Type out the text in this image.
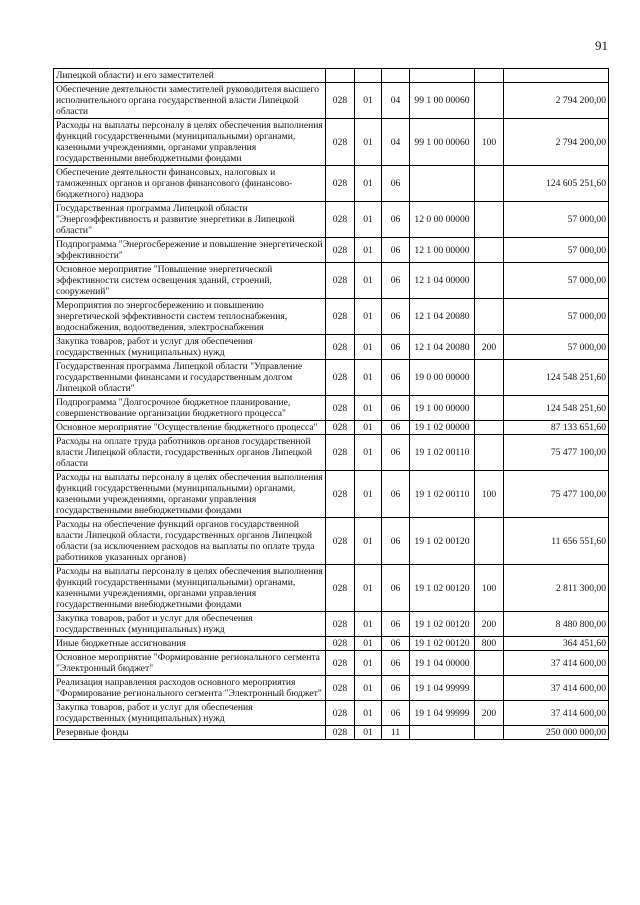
91
Липецкой области) и его заместителей						
Обеспечение деятельности заместителей руководителя высшего исполнительного органа государственной власти Липецкой области	028	01	04	99 1 00 00060		2 794 200,00
Расходы на выплаты персоналу в целях обеспечения выполнения функций государственными (муниципальными) органами, казенными учреждениями, органами управления государственными внебюджетными фондами	028	01	04	99 1 00 00060	100	2 794 200,00
Обеспечение деятельности финансовых, налоговых и таможенных органов и органов финансового (финансово-бюджетного) надзора	028	01	06			124 605 251,60
Государственная программа Липецкой области "Энергоэффективность и развитие энергетики в Липецкой области"	028	01	06	12 0 00 00000		57 000,00
Подпрограмма "Энергосбережение и повышение энергетической эффективности"	028	01	06	12 1 00 00000		57 000,00
Основное мероприятие "Повышение энергетической эффективности систем освещения зданий, строений, сооружений"	028	01	06	12 1 04 00000		57 000,00
Мероприятия по энергосбережению и повышению энергетической эффективности систем теплоснабжения, водоснабжения, водоотведения, электроснабжения	028	01	06	12 1 04 20080		57 000,00
Закупка товаров, работ и услуг для обеспечения государственных (муниципальных) нужд	028	01	06	12 1 04 20080	200	57 000,00
Государственная программа Липецкой области "Управление государственными финансами и государственным долгом Липецкой области"	028	01	06	19 0 00 00000		124 548 251,60
Подпрограмма "Долгосрочное бюджетное планирование, совершенствование организации бюджетного процесса"	028	01	06	19 1 00 00000		124 548 251,60
Основное мероприятие "Осуществление бюджетного процесса"	028	01	06	19 1 02 00000		87 133 651,60
Расходы на оплате труда работников органов государственной власти Липецкой области, государственных органов Липецкой области	028	01	06	19 1 02 00110		75 477 100,00
Расходы на выплаты персоналу в целях обеспечения выполнения функций государственными (муниципальными) органами, казенными учреждениями, органами управления государственными внебюджетными фондами	028	01	06	19 1 02 00110	100	75 477 100,00
Расходы на обеспечение функций органов государственной власти Липецкой области, государственных органов Липецкой области (за исключением расходов на выплаты по оплате труда работников указанных органов)	028	01	06	19 1 02 00120		11 656 551,60
Расходы на выплаты персоналу в целях обеспечения выполнения функций государственными (муниципальными) органами, казенными учреждениями, органами управления государственными внебюджетными фондами	028	01	06	19 1 02 00120	100	2 811 300,00
Закупка товаров, работ и услуг для обеспечения государственных (муниципальных) нужд	028	01	06	19 1 02 00120	200	8 480 800,00
Иные бюджетные ассигнования	028	01	06	19 1 02 00120	800	364 451,60
Основное мероприятие "Формирование регионального сегмента "Электронный бюджет"	028	01	06	19 1 04 00000		37 414 600,00
Реализация направления расходов основного мероприятия "Формирование регионального сегмента "Электронный бюджет"	028	01	06	19 1 04 99999		37 414 600,00
Закупка товаров, работ и услуг для обеспечения государственных (муниципальных) нужд	028	01	06	19 1 04 99999	200	37 414 600,00
Резервные фонды	028	01	11			250 000 000,00
